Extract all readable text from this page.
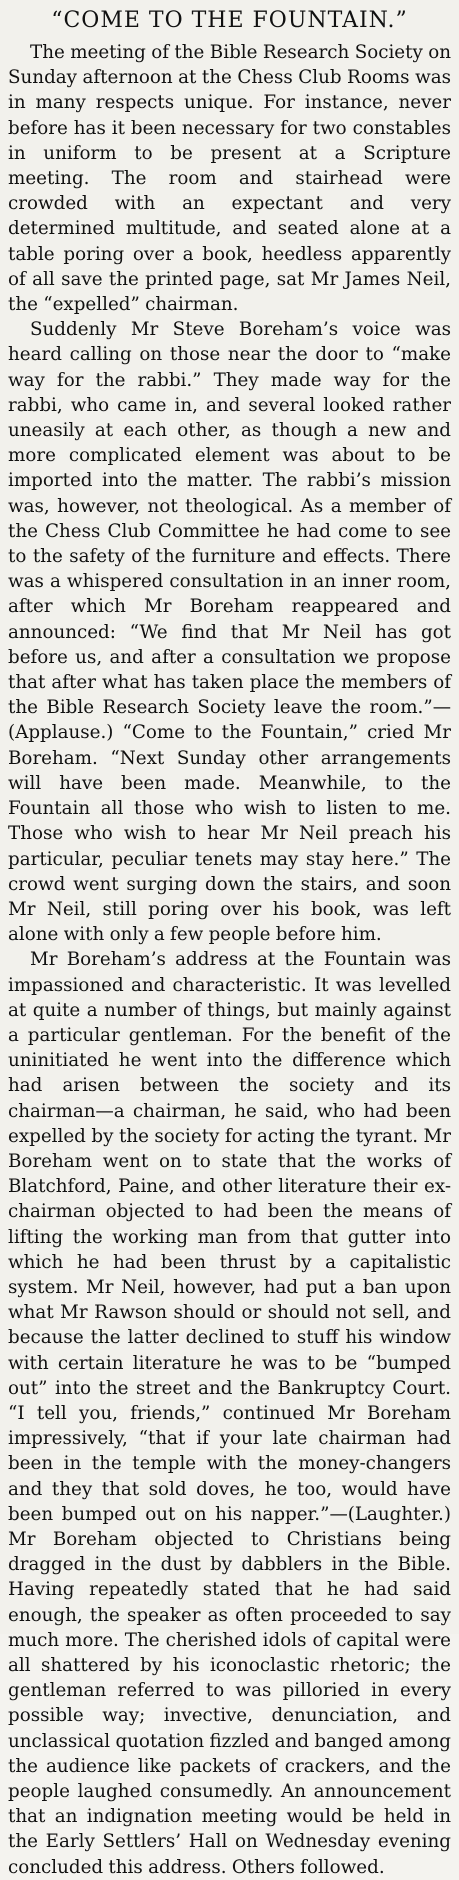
“COME TO THE FOUNTAIN.”

The meeting of the Bible Research Society on Sunday afternoon at the Chess Club Rooms was in many respects unique. For instance, never before has it been necessary for two constables in uniform to be present at a Scripture meeting. The room and stairhead were crowded with an expectant and very determined multitude, and seated alone at a table poring over a book, heedless apparently of all save the printed page, sat Mr James Neil, the “expelled” chairman.

Suddenly Mr Steve Boreham’s voice was heard calling on those near the door to “make way for the rabbi.” They made way for the rabbi, who came in, and several looked rather uneasily at each other, as though a new and more complicated element was about to be imported into the matter. The rabbi’s mission was, however, not theological. As a member of the Chess Club Committee he had come to see to the safety of the furniture and effects. There was a whispered consultation in an inner room, after which Mr Boreham reappeared and announced: “We find that Mr Neil has got before us, and after a consultation we propose that after what has taken place the members of the Bible Research Society leave the room.”—(Applause.) “Come to the Fountain,” cried Mr Boreham. “Next Sunday other arrangements will have been made. Meanwhile, to the Fountain all those who wish to listen to me. Those who wish to hear Mr Neil preach his particular, peculiar tenets may stay here.” The crowd went surging down the stairs, and soon Mr Neil, still poring over his book, was left alone with only a few people before him.

Mr Boreham’s address at the Fountain was impassioned and characteristic. It was levelled at quite a number of things, but mainly against a particular gentleman. For the benefit of the uninitiated he went into the difference which had arisen between the society and its chairman—a chairman, he said, who had been expelled by the society for acting the tyrant. Mr Boreham went on to state that the works of Blatchford, Paine, and other literature their ex-chairman objected to had been the means of lifting the working man from that gutter into which he had been thrust by a capitalistic system. Mr Neil, however, had put a ban upon what Mr Rawson should or should not sell, and because the latter declined to stuff his window with certain literature he was to be “bumped out” into the street and the Bankruptcy Court. “I tell you, friends,” continued Mr Boreham impressively, “that if your late chairman had been in the temple with the money-changers and they that sold doves, he too, would have been bumped out on his napper.”—(Laughter.) Mr Boreham objected to Christians being dragged in the dust by dabblers in the Bible. Having repeatedly stated that he had said enough, the speaker as often proceeded to say much more. The cherished idols of capital were all shattered by his iconoclastic rhetoric; the gentleman referred to was pilloried in every possible way; invective, denunciation, and unclassical quotation fizzled and banged among the audience like packets of crackers, and the people laughed consumedly. An announcement that an indignation meeting would be held in the Early Settlers’ Hall on Wednesday evening concluded this address. Others followed.
